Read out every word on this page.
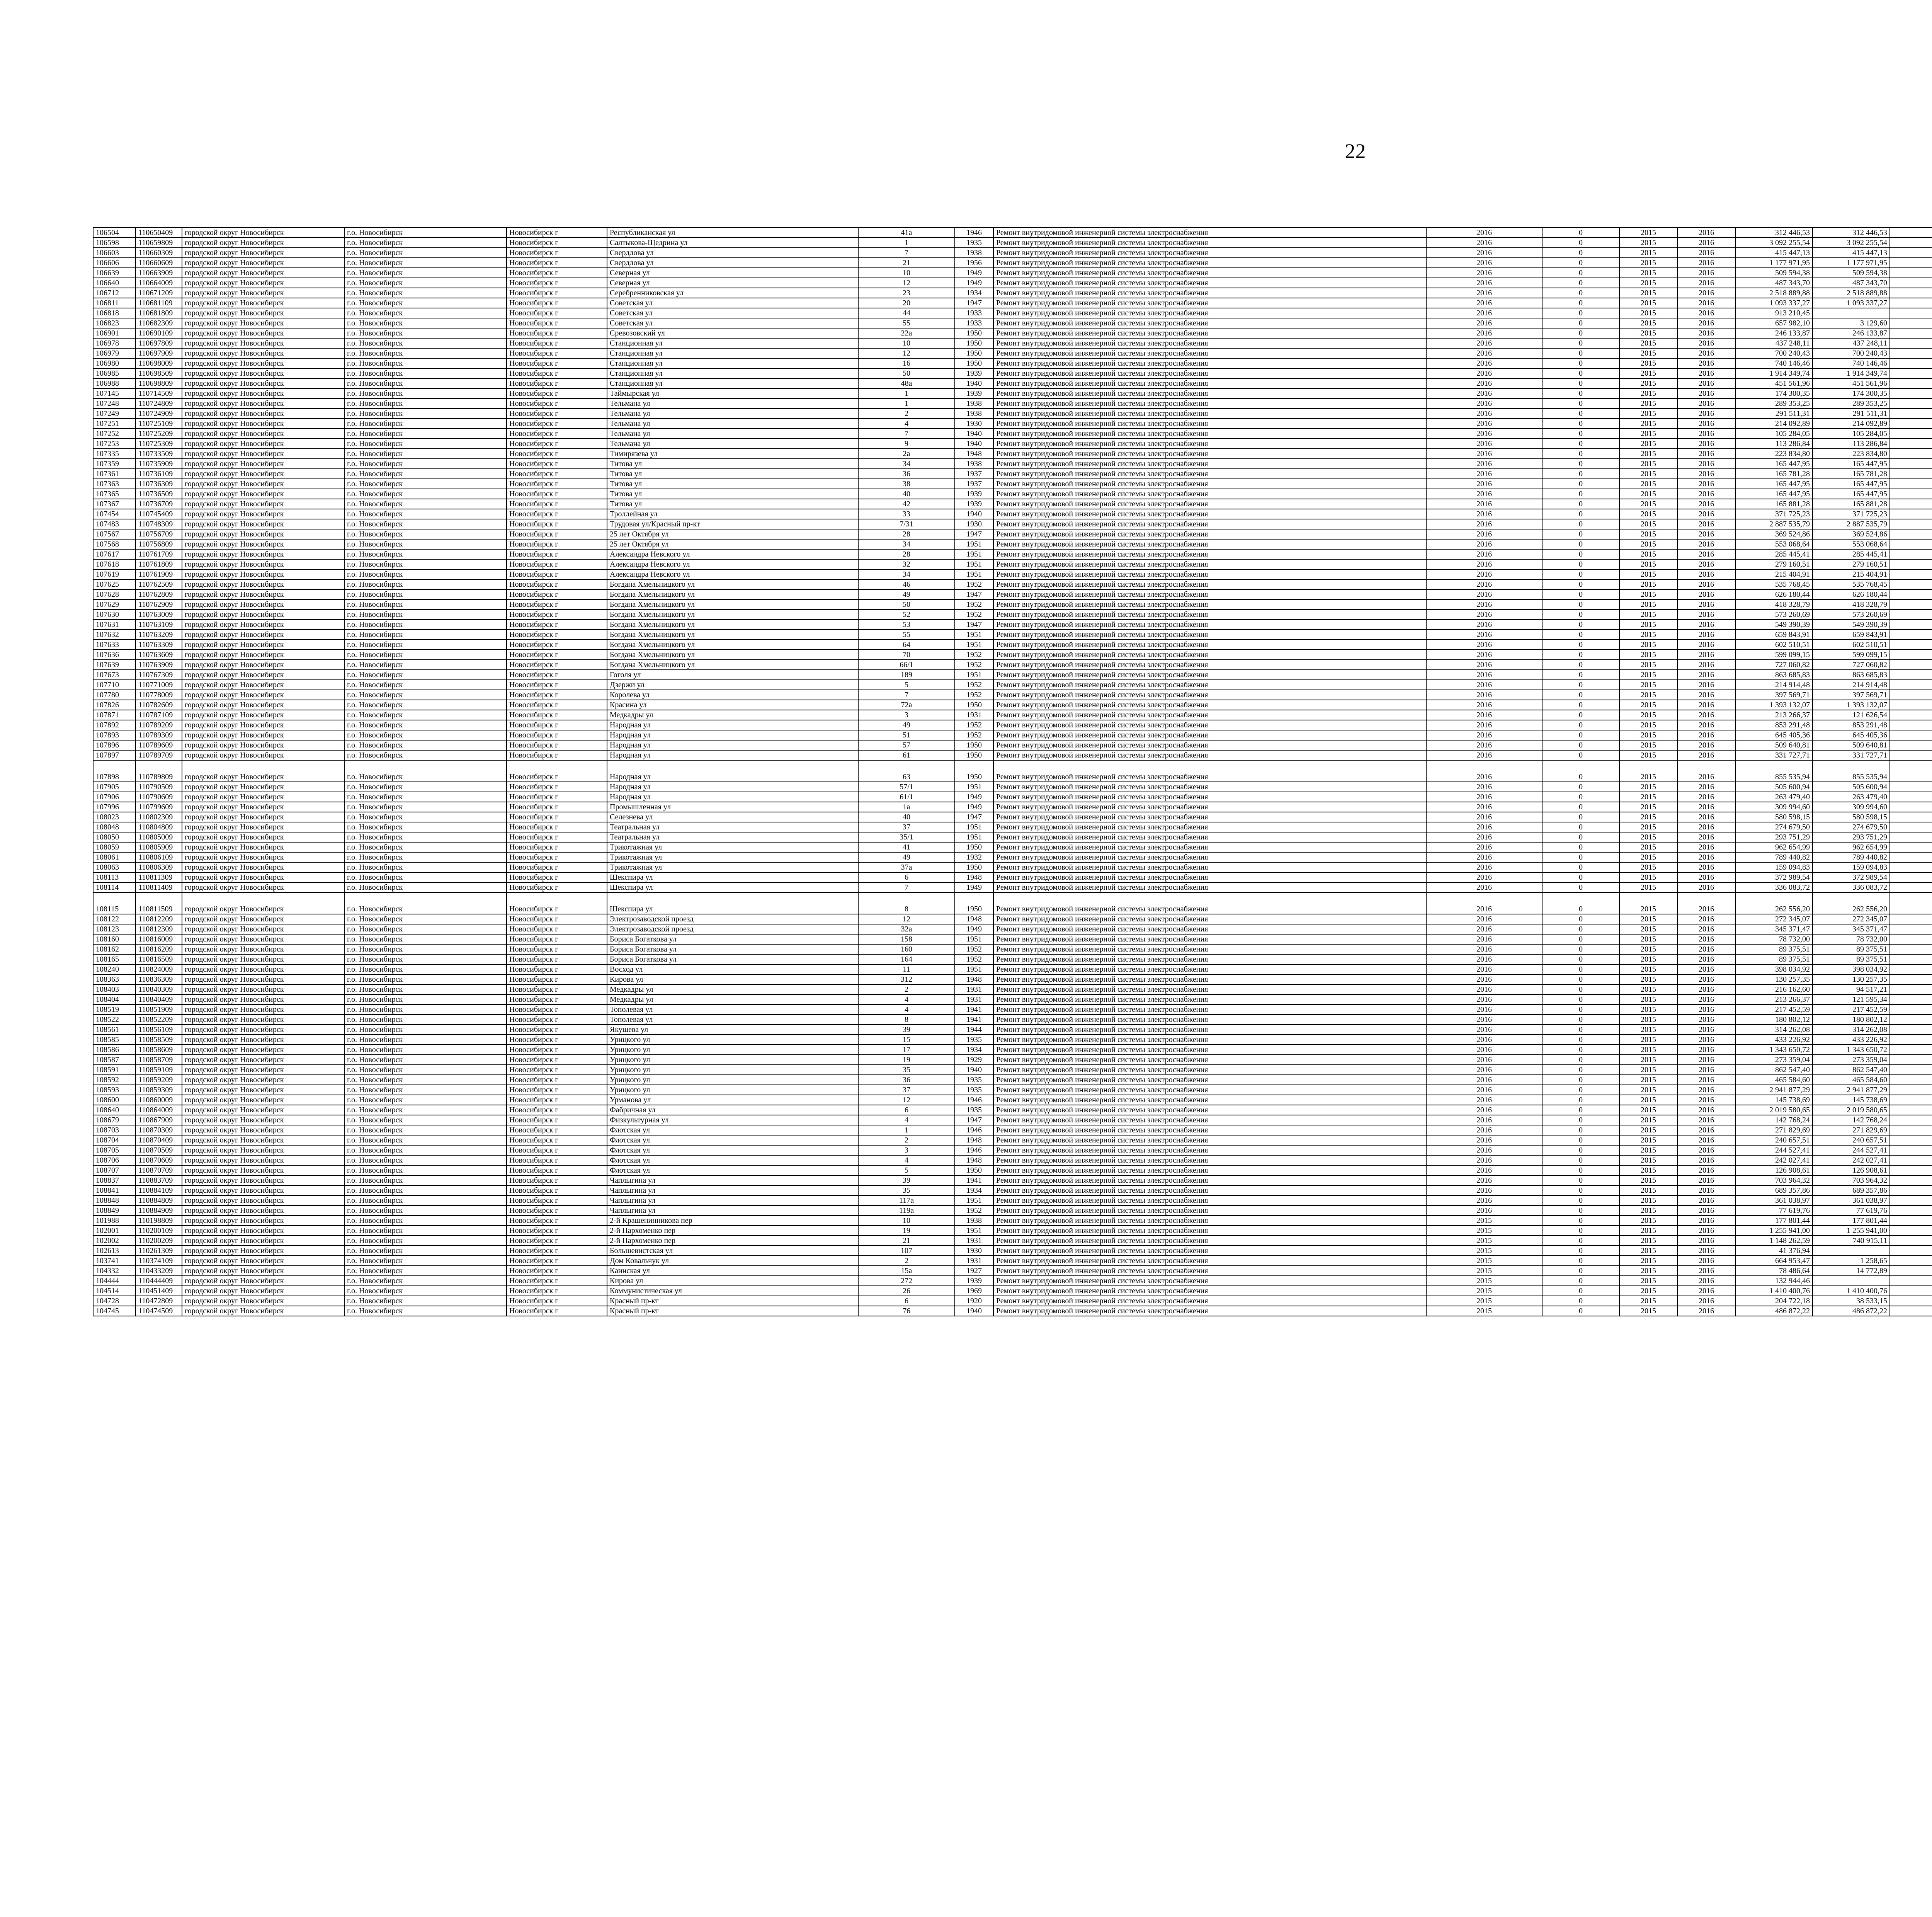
22
106504	110650409	городской округ Новосибирск	г.о. Новосибирск	Новосибирск г	Республиканская ул	41а	1946	Ремонт внутридомовой инженерной системы электроснабжения	2016	0	2015	2016	312 446,53	312 446,53							
106598	110659809	городской округ Новосибирск	г.о. Новосибирск	Новосибирск г	Салтыкова-Щедрина ул	1	1935	Ремонт внутридомовой инженерной системы электроснабжения	2016	0	2015	2016	3 092 255,54	3 092 255,54							
106603	110660309	городской округ Новосибирск	г.о. Новосибирск	Новосибирск г	Свердлова ул	7	1938	Ремонт внутридомовой инженерной системы электроснабжения	2016	0	2015	2016	415 447,13	415 447,13							
106606	110660609	городской округ Новосибирск	г.о. Новосибирск	Новосибирск г	Свердлова ул	21	1956	Ремонт внутридомовой инженерной системы электроснабжения	2016	0	2015	2016	1 177 971,95	1 177 971,95							
106639	110663909	городской округ Новосибирск	г.о. Новосибирск	Новосибирск г	Северная ул	10	1949	Ремонт внутридомовой инженерной системы электроснабжения	2016	0	2015	2016	509 594,38	509 594,38							
106640	110664009	городской округ Новосибирск	г.о. Новосибирск	Новосибирск г	Северная ул	12	1949	Ремонт внутридомовой инженерной системы электроснабжения	2016	0	2015	2016	487 343,70	487 343,70							
106712	110671209	городской округ Новосибирск	г.о. Новосибирск	Новосибирск г	Серебренниковская ул	23	1934	Ремонт внутридомовой инженерной системы электроснабжения	2016	0	2015	2016	2 518 889,88	2 518 889,88							
106811	110681109	городской округ Новосибирск	г.о. Новосибирск	Новосибирск г	Советская ул	20	1947	Ремонт внутридомовой инженерной системы электроснабжения	2016	0	2015	2016	1 093 337,27	1 093 337,27							
106818	110681809	городской округ Новосибирск	г.о. Новосибирск	Новосибирск г	Советская ул	44	1933	Ремонт внутридомовой инженерной системы электроснабжения	2016	0	2015	2016	913 210,45								
106823	110682309	городской округ Новосибирск	г.о. Новосибирск	Новосибирск г	Советская ул	55	1933	Ремонт внутридомовой инженерной системы электроснабжения	2016	0	2015	2016	657 982,10	3 129,60							
106901	110690109	городской округ Новосибирск	г.о. Новосибирск	Новосибирск г	Сревозовский ул	22а	1950	Ремонт внутридомовой инженерной системы электроснабжения	2016	0	2015	2016	246 133,87	246 133,87							
106978	110697809	городской округ Новосибирск	г.о. Новосибирск	Новосибирск г	Станционная ул	10	1950	Ремонт внутридомовой инженерной системы электроснабжения	2016	0	2015	2016	437 248,11	437 248,11							
106979	110697909	городской округ Новосибирск	г.о. Новосибирск	Новосибирск г	Станционная ул	12	1950	Ремонт внутридомовой инженерной системы электроснабжения	2016	0	2015	2016	700 240,43	700 240,43							
106980	110698009	городской округ Новосибирск	г.о. Новосибирск	Новосибирск г	Станционная ул	16	1950	Ремонт внутридомовой инженерной системы электроснабжения	2016	0	2015	2016	740 146,46	740 146,46							
106985	110698509	городской округ Новосибирск	г.о. Новосибирск	Новосибирск г	Станционная ул	50	1939	Ремонт внутридомовой инженерной системы электроснабжения	2016	0	2015	2016	1 914 349,74	1 914 349,74							
106988	110698809	городской округ Новосибирск	г.о. Новосибирск	Новосибирск г	Станционная ул	48а	1940	Ремонт внутридомовой инженерной системы электроснабжения	2016	0	2015	2016	451 561,96	451 561,96							
107145	110714509	городской округ Новосибирск	г.о. Новосибирск	Новосибирск г	Таймырская ул	1	1939	Ремонт внутридомовой инженерной системы электроснабжения	2016	0	2015	2016	174 300,35	174 300,35							
107248	110724809	городской округ Новосибирск	г.о. Новосибирск	Новосибирск г	Тельмана ул	1	1938	Ремонт внутридомовой инженерной системы электроснабжения	2016	0	2015	2016	289 353,25	289 353,25							
107249	110724909	городской округ Новосибирск	г.о. Новосибирск	Новосибирск г	Тельмана ул	2	1938	Ремонт внутридомовой инженерной системы электроснабжения	2016	0	2015	2016	291 511,31	291 511,31							
107251	110725109	городской округ Новосибирск	г.о. Новосибирск	Новосибирск г	Тельмана ул	4	1930	Ремонт внутридомовой инженерной системы электроснабжения	2016	0	2015	2016	214 092,89	214 092,89							
107252	110725209	городской округ Новосибирск	г.о. Новосибирск	Новосибирск г	Тельмана ул	7	1940	Ремонт внутридомовой инженерной системы электроснабжения	2016	0	2015	2016	105 284,05	105 284,05							
107253	110725309	городской округ Новосибирск	г.о. Новосибирск	Новосибирск г	Тельмана ул	9	1940	Ремонт внутридомовой инженерной системы электроснабжения	2016	0	2015	2016	113 286,84	113 286,84							
107335	110733509	городской округ Новосибирск	г.о. Новосибирск	Новосибирск г	Тимирязева ул	2а	1948	Ремонт внутридомовой инженерной системы электроснабжения	2016	0	2015	2016	223 834,80	223 834,80							
107359	110735909	городской округ Новосибирск	г.о. Новосибирск	Новосибирск г	Титова ул	34	1938	Ремонт внутридомовой инженерной системы электроснабжения	2016	0	2015	2016	165 447,95	165 447,95							
107361	110736109	городской округ Новосибирск	г.о. Новосибирск	Новосибирск г	Титова ул	36	1937	Ремонт внутридомовой инженерной системы электроснабжения	2016	0	2015	2016	165 781,28	165 781,28							
107363	110736309	городской округ Новосибирск	г.о. Новосибирск	Новосибирск г	Титова ул	38	1937	Ремонт внутридомовой инженерной системы электроснабжения	2016	0	2015	2016	165 447,95	165 447,95							
107365	110736509	городской округ Новосибирск	г.о. Новосибирск	Новосибирск г	Титова ул	40	1939	Ремонт внутридомовой инженерной системы электроснабжения	2016	0	2015	2016	165 447,95	165 447,95							
107367	110736709	городской округ Новосибирск	г.о. Новосибирск	Новосибирск г	Титова ул	42	1939	Ремонт внутридомовой инженерной системы электроснабжения	2016	0	2015	2016	165 881,28	165 881,28							
107454	110745409	городской округ Новосибирск	г.о. Новосибирск	Новосибирск г	Троллейная ул	33	1940	Ремонт внутридомовой инженерной системы электроснабжения	2016	0	2015	2016	371 725,23	371 725,23							
107483	110748309	городской округ Новосибирск	г.о. Новосибирск	Новосибирск г	Трудовая ул/Красный пр-кт	7/31	1930	Ремонт внутридомовой инженерной системы электроснабжения	2016	0	2015	2016	2 887 535,79	2 887 535,79							
107567	110756709	городской округ Новосибирск	г.о. Новосибирск	Новосибирск г	25 лет Октября ул	28	1947	Ремонт внутридомовой инженерной системы электроснабжения	2016	0	2015	2016	369 524,86	369 524,86							
107568	110756809	городской округ Новосибирск	г.о. Новосибирск	Новосибирск г	25 лет Октября ул	34	1951	Ремонт внутридомовой инженерной системы электроснабжения	2016	0	2015	2016	553 068,64	553 068,64							
107617	110761709	городской округ Новосибирск	г.о. Новосибирск	Новосибирск г	Александра Невского ул	28	1951	Ремонт внутридомовой инженерной системы электроснабжения	2016	0	2015	2016	285 445,41	285 445,41							
107618	110761809	городской округ Новосибирск	г.о. Новосибирск	Новосибирск г	Александра Невского ул	32	1951	Ремонт внутридомовой инженерной системы электроснабжения	2016	0	2015	2016	279 160,51	279 160,51							
107619	110761909	городской округ Новосибирск	г.о. Новосибирск	Новосибирск г	Александра Невского ул	34	1951	Ремонт внутридомовой инженерной системы электроснабжения	2016	0	2015	2016	215 404,91	215 404,91							
107625	110762509	городской округ Новосибирск	г.о. Новосибирск	Новосибирск г	Богдана Хмельницкого ул	46	1952	Ремонт внутридомовой инженерной системы электроснабжения	2016	0	2015	2016	535 768,45	535 768,45							
107628	110762809	городской округ Новосибирск	г.о. Новосибирск	Новосибирск г	Богдана Хмельницкого ул	49	1947	Ремонт внутридомовой инженерной системы электроснабжения	2016	0	2015	2016	626 180,44	626 180,44							
107629	110762909	городской округ Новосибирск	г.о. Новосибирск	Новосибирск г	Богдана Хмельницкого ул	50	1952	Ремонт внутридомовой инженерной системы электроснабжения	2016	0	2015	2016	418 328,79	418 328,79							
107630	110763009	городской округ Новосибирск	г.о. Новосибирск	Новосибирск г	Богдана Хмельницкого ул	52	1952	Ремонт внутридомовой инженерной системы электроснабжения	2016	0	2015	2016	573 260,69	573 260,69							
107631	110763109	городской округ Новосибирск	г.о. Новосибирск	Новосибирск г	Богдана Хмельницкого ул	53	1947	Ремонт внутридомовой инженерной системы электроснабжения	2016	0	2015	2016	549 390,39	549 390,39							
107632	110763209	городской округ Новосибирск	г.о. Новосибирск	Новосибирск г	Богдана Хмельницкого ул	55	1951	Ремонт внутридомовой инженерной системы электроснабжения	2016	0	2015	2016	659 843,91	659 843,91							
107633	110763309	городской округ Новосибирск	г.о. Новосибирск	Новосибирск г	Богдана Хмельницкого ул	64	1951	Ремонт внутридомовой инженерной системы электроснабжения	2016	0	2015	2016	602 510,51	602 510,51							
107636	110763609	городской округ Новосибирск	г.о. Новосибирск	Новосибирск г	Богдана Хмельницкого ул	70	1952	Ремонт внутридомовой инженерной системы электроснабжения	2016	0	2015	2016	599 099,15	599 099,15							
107639	110763909	городской округ Новосибирск	г.о. Новосибирск	Новосибирск г	Богдана Хмельницкого ул	66/1	1952	Ремонт внутридомовой инженерной системы электроснабжения	2016	0	2015	2016	727 060,82	727 060,82							
107673	110767309	городской округ Новосибирск	г.о. Новосибирск	Новосибирск г	Гоголя ул	189	1951	Ремонт внутридомовой инженерной системы электроснабжения	2016	0	2015	2016	863 685,83	863 685,83							
107710	110771009	городской округ Новосибирск	г.о. Новосибирск	Новосибирск г	Дзержи ул	5	1952	Ремонт внутридомовой инженерной системы электроснабжения	2016	0	2015	2016	214 914,48	214 914,48							
107780	110778009	городской округ Новосибирск	г.о. Новосибирск	Новосибирск г	Королева ул	7	1952	Ремонт внутридомовой инженерной системы электроснабжения	2016	0	2015	2016	397 569,71	397 569,71							
107826	110782609	городской округ Новосибирск	г.о. Новосибирск	Новосибирск г	Красина ул	72а	1950	Ремонт внутридомовой инженерной системы электроснабжения	2016	0	2015	2016	1 393 132,07	1 393 132,07							
107871	110787109	городской округ Новосибирск	г.о. Новосибирск	Новосибирск г	Медкадры ул	3	1931	Ремонт внутридомовой инженерной системы электроснабжения	2016	0	2015	2016	213 266,37	121 626,54							
107892	110789209	городской округ Новосибирск	г.о. Новосибирск	Новосибирск г	Народная ул	49	1952	Ремонт внутридомовой инженерной системы электроснабжения	2016	0	2015	2016	853 291,48	853 291,48							
107893	110789309	городской округ Новосибирск	г.о. Новосибирск	Новосибирск г	Народная ул	51	1952	Ремонт внутридомовой инженерной системы электроснабжения	2016	0	2015	2016	645 405,36	645 405,36							
107896	110789609	городской округ Новосибирск	г.о. Новосибирск	Новосибирск г	Народная ул	57	1950	Ремонт внутридомовой инженерной системы электроснабжения	2016	0	2015	2016	509 640,81	509 640,81							
107897	110789709	городской округ Новосибирск	г.о. Новосибирск	Новосибирск г	Народная ул	61	1950	Ремонт внутридомовой инженерной системы электроснабжения	2016	0	2015	2016	331 727,71	331 727,71							
107898	110789809	городской округ Новосибирск	г.о. Новосибирск	Новосибирск г	Народная ул	63	1950	Ремонт внутридомовой инженерной системы электроснабжения	2016	0	2015	2016	855 535,94	855 535,94							
107905	110790509	городской округ Новосибирск	г.о. Новосибирск	Новосибирск г	Народная ул	57/1	1951	Ремонт внутридомовой инженерной системы электроснабжения	2016	0	2015	2016	505 600,94	505 600,94							
107906	110790609	городской округ Новосибирск	г.о. Новосибирск	Новосибирск г	Народная ул	61/1	1949	Ремонт внутридомовой инженерной системы электроснабжения	2016	0	2015	2016	263 479,40	263 479,40							
107996	110799609	городской округ Новосибирск	г.о. Новосибирск	Новосибирск г	Промышленная ул	1а	1949	Ремонт внутридомовой инженерной системы электроснабжения	2016	0	2015	2016	309 994,60	309 994,60							
108023	110802309	городской округ Новосибирск	г.о. Новосибирск	Новосибирск г	Селезнева ул	40	1947	Ремонт внутридомовой инженерной системы электроснабжения	2016	0	2015	2016	580 598,15	580 598,15							
108048	110804809	городской округ Новосибирск	г.о. Новосибирск	Новосибирск г	Театральная ул	37	1951	Ремонт внутридомовой инженерной системы электроснабжения	2016	0	2015	2016	274 679,50	274 679,50							
108050	110805009	городской округ Новосибирск	г.о. Новосибирск	Новосибирск г	Театральная ул	35/1	1951	Ремонт внутридомовой инженерной системы электроснабжения	2016	0	2015	2016	293 751,29	293 751,29							
108059	110805909	городской округ Новосибирск	г.о. Новосибирск	Новосибирск г	Трикотажная ул	41	1950	Ремонт внутридомовой инженерной системы электроснабжения	2016	0	2015	2016	962 654,99	962 654,99							
108061	110806109	городской округ Новосибирск	г.о. Новосибирск	Новосибирск г	Трикотажная ул	49	1932	Ремонт внутридомовой инженерной системы электроснабжения	2016	0	2015	2016	789 440,82	789 440,82							
108063	110806309	городской округ Новосибирск	г.о. Новосибирск	Новосибирск г	Трикотажная ул	37а	1950	Ремонт внутридомовой инженерной системы электроснабжения	2016	0	2015	2016	159 094,83	159 094,83							
108113	110811309	городской округ Новосибирск	г.о. Новосибирск	Новосибирск г	Шекспира ул	6	1948	Ремонт внутридомовой инженерной системы электроснабжения	2016	0	2015	2016	372 989,54	372 989,54							
108114	110811409	городской округ Новосибирск	г.о. Новосибирск	Новосибирск г	Шекспира ул	7	1949	Ремонт внутридомовой инженерной системы электроснабжения	2016	0	2015	2016	336 083,72	336 083,72							
108115	110811509	городской округ Новосибирск	г.о. Новосибирск	Новосибирск г	Шекспира ул	8	1950	Ремонт внутридомовой инженерной системы электроснабжения	2016	0	2015	2016	262 556,20	262 556,20							
108122	110812209	городской округ Новосибирск	г.о. Новосибирск	Новосибирск г	Электрозаводской проезд	12	1948	Ремонт внутридомовой инженерной системы электроснабжения	2016	0	2015	2016	272 345,07	272 345,07							
108123	110812309	городской округ Новосибирск	г.о. Новосибирск	Новосибирск г	Электрозаводской проезд	32а	1949	Ремонт внутридомовой инженерной системы электроснабжения	2016	0	2015	2016	345 371,47	345 371,47							
108160	110816009	городской округ Новосибирск	г.о. Новосибирск	Новосибирск г	Бориса Богаткова ул	158	1951	Ремонт внутридомовой инженерной системы электроснабжения	2016	0	2015	2016	78 732,00	78 732,00							
108162	110816209	городской округ Новосибирск	г.о. Новосибирск	Новосибирск г	Бориса Богаткова ул	160	1952	Ремонт внутридомовой инженерной системы электроснабжения	2016	0	2015	2016	89 375,51	89 375,51							
108165	110816509	городской округ Новосибирск	г.о. Новосибирск	Новосибирск г	Бориса Богаткова ул	164	1952	Ремонт внутридомовой инженерной системы электроснабжения	2016	0	2015	2016	89 375,51	89 375,51							
108240	110824009	городской округ Новосибирск	г.о. Новосибирск	Новосибирск г	Восход ул	11	1951	Ремонт внутридомовой инженерной системы электроснабжения	2016	0	2015	2016	398 034,92	398 034,92							
108363	110836309	городской округ Новосибирск	г.о. Новосибирск	Новосибирск г	Кирова ул	312	1948	Ремонт внутридомовой инженерной системы электроснабжения	2016	0	2015	2016	130 257,35	130 257,35							
108403	110840309	городской округ Новосибирск	г.о. Новосибирск	Новосибирск г	Медкадры ул	2	1931	Ремонт внутридомовой инженерной системы электроснабжения	2016	0	2015	2016	216 162,60	94 517,21							
108404	110840409	городской округ Новосибирск	г.о. Новосибирск	Новосибирск г	Медкадры ул	4	1931	Ремонт внутридомовой инженерной системы электроснабжения	2016	0	2015	2016	213 266,37	121 595,34							
108519	110851909	городской округ Новосибирск	г.о. Новосибирск	Новосибирск г	Тополевая ул	4	1941	Ремонт внутридомовой инженерной системы электроснабжения	2016	0	2015	2016	217 452,59	217 452,59							
108522	110852209	городской округ Новосибирск	г.о. Новосибирск	Новосибирск г	Тополевая ул	8	1941	Ремонт внутридомовой инженерной системы электроснабжения	2016	0	2015	2016	180 802,12	180 802,12							
108561	110856109	городской округ Новосибирск	г.о. Новосибирск	Новосибирск г	Якушева ул	39	1944	Ремонт внутридомовой инженерной системы электроснабжения	2016	0	2015	2016	314 262,08	314 262,08							
108585	110858509	городской округ Новосибирск	г.о. Новосибирск	Новосибирск г	Урицкого ул	15	1935	Ремонт внутридомовой инженерной системы электроснабжения	2016	0	2015	2016	433 226,92	433 226,92							
108586	110858609	городской округ Новосибирск	г.о. Новосибирск	Новосибирск г	Урицкого ул	17	1934	Ремонт внутридомовой инженерной системы электроснабжения	2016	0	2015	2016	1 343 650,72	1 343 650,72							
108587	110858709	городской округ Новосибирск	г.о. Новосибирск	Новосибирск г	Урицкого ул	19	1929	Ремонт внутридомовой инженерной системы электроснабжения	2016	0	2015	2016	273 359,04	273 359,04							
108591	110859109	городской округ Новосибирск	г.о. Новосибирск	Новосибирск г	Урицкого ул	35	1940	Ремонт внутридомовой инженерной системы электроснабжения	2016	0	2015	2016	862 547,40	862 547,40							
108592	110859209	городской округ Новосибирск	г.о. Новосибирск	Новосибирск г	Урицкого ул	36	1935	Ремонт внутридомовой инженерной системы электроснабжения	2016	0	2015	2016	465 584,60	465 584,60							
108593	110859309	городской округ Новосибирск	г.о. Новосибирск	Новосибирск г	Урицкого ул	37	1935	Ремонт внутридомовой инженерной системы электроснабжения	2016	0	2015	2016	2 941 877,29	2 941 877,29							
108600	110860009	городской округ Новосибирск	г.о. Новосибирск	Новосибирск г	Урманова ул	12	1946	Ремонт внутридомовой инженерной системы электроснабжения	2016	0	2015	2016	145 738,69	145 738,69							
108640	110864009	городской округ Новосибирск	г.о. Новосибирск	Новосибирск г	Фабричная ул	6	1935	Ремонт внутридомовой инженерной системы электроснабжения	2016	0	2015	2016	2 019 580,65	2 019 580,65							
108679	110867909	городской округ Новосибирск	г.о. Новосибирск	Новосибирск г	Физкультурная ул	4	1947	Ремонт внутридомовой инженерной системы электроснабжения	2016	0	2015	2016	142 768,24	142 768,24							
108703	110870309	городской округ Новосибирск	г.о. Новосибирск	Новосибирск г	Флотская ул	1	1946	Ремонт внутридомовой инженерной системы электроснабжения	2016	0	2015	2016	271 829,69	271 829,69							
108704	110870409	городской округ Новосибирск	г.о. Новосибирск	Новосибирск г	Флотская ул	2	1948	Ремонт внутридомовой инженерной системы электроснабжения	2016	0	2015	2016	240 657,51	240 657,51							
108705	110870509	городской округ Новосибирск	г.о. Новосибирск	Новосибирск г	Флотская ул	3	1946	Ремонт внутридомовой инженерной системы электроснабжения	2016	0	2015	2016	244 527,41	244 527,41							
108706	110870609	городской округ Новосибирск	г.о. Новосибирск	Новосибирск г	Флотская ул	4	1948	Ремонт внутридомовой инженерной системы электроснабжения	2016	0	2015	2016	242 027,41	242 027,41							
108707	110870709	городской округ Новосибирск	г.о. Новосибирск	Новосибирск г	Флотская ул	5	1950	Ремонт внутридомовой инженерной системы электроснабжения	2016	0	2015	2016	126 908,61	126 908,61							
108837	110883709	городской округ Новосибирск	г.о. Новосибирск	Новосибирск г	Чаплыгина ул	39	1941	Ремонт внутридомовой инженерной системы электроснабжения	2016	0	2015	2016	703 964,32	703 964,32							
108841	110884109	городской округ Новосибирск	г.о. Новосибирск	Новосибирск г	Чаплыгина ул	35	1934	Ремонт внутридомовой инженерной системы электроснабжения	2016	0	2015	2016	689 357,86	689 357,86							
108848	110884809	городской округ Новосибирск	г.о. Новосибирск	Новосибирск г	Чаплыгина ул	117а	1951	Ремонт внутридомовой инженерной системы электроснабжения	2016	0	2015	2016	361 038,97	361 038,97							
108849	110884909	городской округ Новосибирск	г.о. Новосибирск	Новосибирск г	Чаплыгина ул	119а	1952	Ремонт внутридомовой инженерной системы электроснабжения	2016	0	2015	2016	77 619,76	77 619,76							
101988	110198809	городской округ Новосибирск	г.о. Новосибирск	Новосибирск г	2-й Крашенинникова пер	10	1938	Ремонт внутридомовой инженерной системы электроснабжения	2015	0	2015	2016	177 801,44	177 801,44							
102001	110200109	городской округ Новосибирск	г.о. Новосибирск	Новосибирск г	2-й Пархоменко пер	19	1951	Ремонт внутридомовой инженерной системы электроснабжения	2015	0	2015	2016	1 255 941,00	1 255 941,00							
102002	110200209	городской округ Новосибирск	г.о. Новосибирск	Новосибирск г	2-й Пархоменко пер	21	1931	Ремонт внутридомовой инженерной системы электроснабжения	2015	0	2015	2016	1 148 262,59	740 915,11							
102613	110261309	городской округ Новосибирск	г.о. Новосибирск	Новосибирск г	Большевистская ул	107	1930	Ремонт внутридомовой инженерной системы электроснабжения	2015	0	2015	2016	41 376,94								
103741	110374109	городской округ Новосибирск	г.о. Новосибирск	Новосибирск г	Дом Ковальчук ул	2	1931	Ремонт внутридомовой инженерной системы электроснабжения	2015	0	2015	2016	664 953,47	1 258,65							
104332	110433209	городской округ Новосибирск	г.о. Новосибирск	Новосибирск г	Каинская ул	15а	1927	Ремонт внутридомовой инженерной системы электроснабжения	2015	0	2015	2016	78 486,64	14 772,89							
104444	110444409	городской округ Новосибирск	г.о. Новосибирск	Новосибирск г	Кирова ул	272	1939	Ремонт внутридомовой инженерной системы электроснабжения	2015	0	2015	2016	132 944,46								
104514	110451409	городской округ Новосибирск	г.о. Новосибирск	Новосибирск г	Коммунистическая ул	26	1969	Ремонт внутридомовой инженерной системы электроснабжения	2015	0	2015	2016	1 410 400,76	1 410 400,76							
104728	110472809	городской округ Новосибирск	г.о. Новосибирск	Новосибирск г	Красный пр-кт	6	1920	Ремонт внутридомовой инженерной системы электроснабжения	2015	0	2015	2016	204 722,18	38 533,15							
104745	110474509	городской округ Новосибирск	г.о. Новосибирск	Новосибирск г	Красный пр-кт	76	1940	Ремонт внутридомовой инженерной системы электроснабжения	2015	0	2015	2016	486 872,22	486 872,22							
